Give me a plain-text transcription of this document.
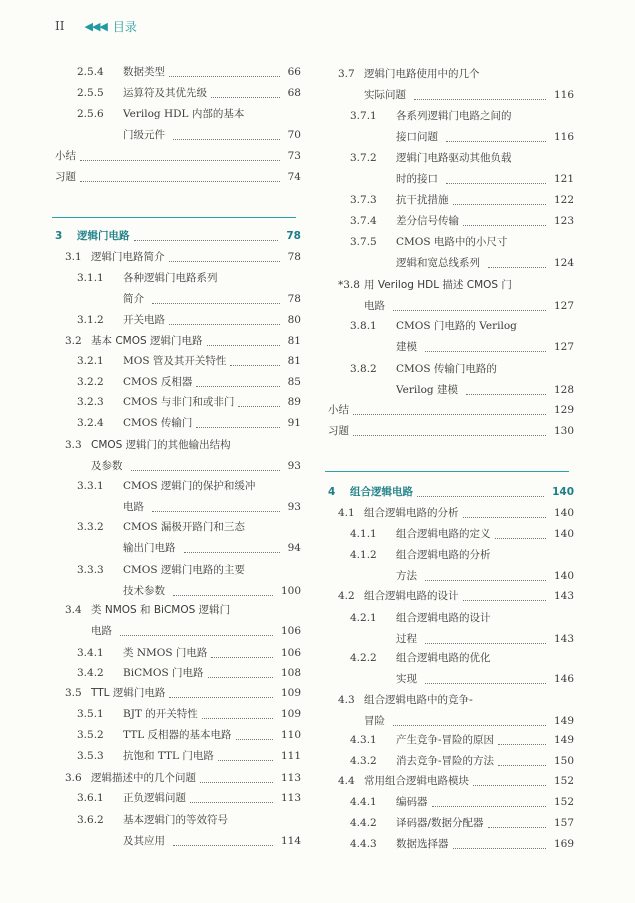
II ◀◀◀ 目录
2.5.4	数据类型	66
2.5.5	运算符及其优先级	68
2.5.6	Verilog HDL 内部的基本
门级元件	70
小结	73
习题	74
3	逻辑门电路	78
3.1 逻辑门电路简介	78
3.1.1	各种逻辑门电路系列
简介	78
3.1.2	开关电路	80
3.2 基本 CMOS 逻辑门电路	81
3.2.1	MOS 管及其开关特性	81
3.2.2	CMOS 反相器	85
3.2.3	CMOS 与非门和或非门	89
3.2.4	CMOS 传输门	91
3.3 CMOS 逻辑门的其他输出结构
及参数	93
3.3.1	CMOS 逻辑门的保护和缓冲
电路	93
3.3.2	CMOS 漏极开路门和三态
输出门电路	94
3.3.3	CMOS 逻辑门电路的主要
技术参数	100
3.4 类 NMOS 和 BiCMOS 逻辑门
电路	106
3.4.1	类 NMOS 门电路	106
3.4.2	BiCMOS 门电路	108
3.5 TTL 逻辑门电路	109
3.5.1	BJT 的开关特性	109
3.5.2	TTL 反相器的基本电路	110
3.5.3	抗饱和 TTL 门电路	111
3.6 逻辑描述中的几个问题	113
3.6.1	正负逻辑问题	113
3.6.2	基本逻辑门的等效符号
及其应用	114
3.7 逻辑门电路使用中的几个
实际问题	116
3.7.1	各系列逻辑门电路之间的
接口问题	116
3.7.2	逻辑门电路驱动其他负载
时的接口	121
3.7.3	抗干扰措施	122
3.7.4	差分信号传输	123
3.7.5	CMOS 电路中的小尺寸
逻辑和宽总线系列	124
*3.8 用 Verilog HDL 描述 CMOS 门
电路	127
3.8.1	CMOS 门电路的 Verilog
建模	127
3.8.2	CMOS 传输门电路的
Verilog 建模	128
小结	129
习题	130
4	组合逻辑电路	140
4.1 组合逻辑电路的分析	140
4.1.1	组合逻辑电路的定义	140
4.1.2	组合逻辑电路的分析
方法	140
4.2 组合逻辑电路的设计	143
4.2.1	组合逻辑电路的设计
过程	143
4.2.2	组合逻辑电路的优化
实现	146
4.3 组合逻辑电路中的竞争-
冒险	149
4.3.1	产生竞争-冒险的原因	149
4.3.2	消去竞争-冒险的方法	150
4.4 常用组合逻辑电路模块	152
4.4.1	编码器	152
4.4.2	译码器/数据分配器	157
4.4.3	数据选择器	169
